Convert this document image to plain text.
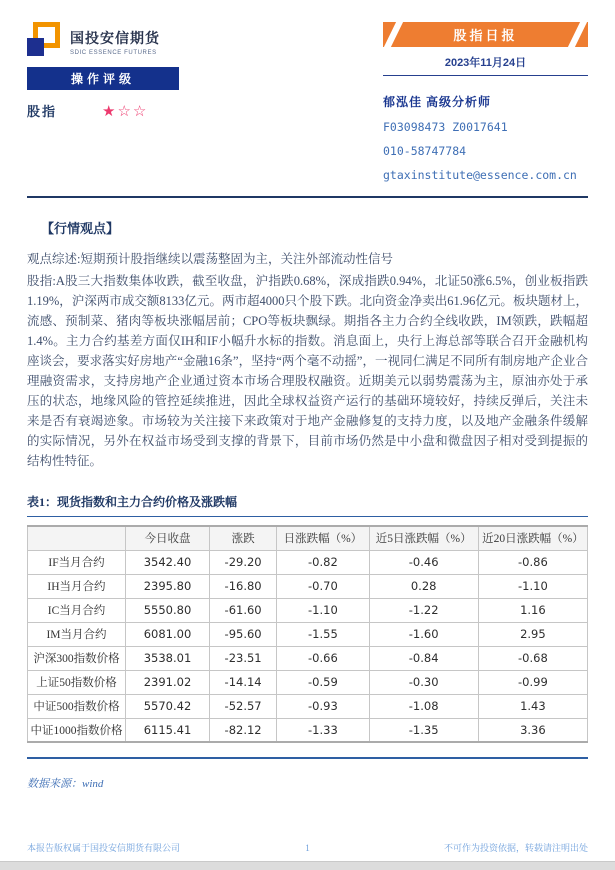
国投安信期货
SDIC ESSENCE FUTURES
操作评级
股指	★☆☆
股指日报
2023年11月24日
郁泓佳 高级分析师
F03098473 Z0017641
010-58747784
gtaxinstitute@essence.com.cn
【行情观点】

观点综述:短期预计股指继续以震荡整固为主，关注外部流动性信号

股指:A股三大指数集体收跌，截至收盘，沪指跌0.68%，深成指跌0.94%，北证50涨6.5%，创业板指跌1.19%，沪深两市成交额8133亿元。两市超4000只个股下跌。北向资金净卖出61.96亿元。板块题材上，流感、预制菜、猪肉等板块涨幅居前；CPO等板块飘绿。期指各主力合约全线收跌，IM领跌，跌幅超1.4%。主力合约基差方面仅IH和IF小幅升水标的指数。消息面上，央行上海总部等联合召开金融机构座谈会，要求落实好房地产“金融16条”，坚持“两个毫不动摇”，一视同仁满足不同所有制房地产企业合理融资需求，支持房地产企业通过资本市场合理股权融资。近期美元以弱势震荡为主，原油亦处于承压的状态，地缘风险的管控延续推进，因此全球权益资产运行的基础环境较好，持续反弹后，关注未来是否有衰竭迹象。市场较为关注接下来政策对于地产金融修复的支持力度，以及地产金融条件缓解的实际情况，另外在权益市场受到支撑的背景下，目前市场仍然是中小盘和微盘因子相对受到提振的结构性特征。

表1：现货指数和主力合约价格及涨跌幅
	今日收盘	涨跌	日涨跌幅（%）	近5日涨跌幅（%）	近20日涨跌幅（%）
IF当月合约	3542.40	-29.20	-0.82	-0.46	-0.86
IH当月合约	2395.80	-16.80	-0.70	0.28	-1.10
IC当月合约	5550.80	-61.60	-1.10	-1.22	1.16
IM当月合约	6081.00	-95.60	-1.55	-1.60	2.95
沪深300指数价格	3538.01	-23.51	-0.66	-0.84	-0.68
上证50指数价格	2391.02	-14.14	-0.59	-0.30	-0.99
中证500指数价格	5570.42	-52.57	-0.93	-1.08	1.43
中证1000指数价格	6115.41	-82.12	-1.33	-1.35	3.36
数据来源：wind
本报告版权属于国投安信期货有限公司	1	不可作为投资依据，转载请注明出处
